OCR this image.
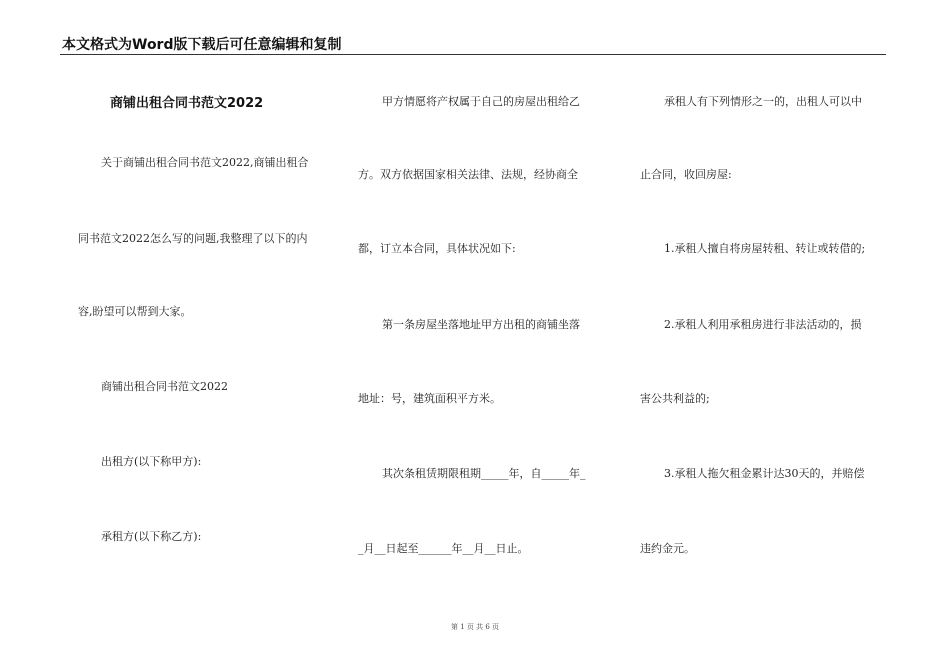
本文格式为Word版下载后可任意编辑和复制
商铺出租合同书范文2022
关于商铺出租合同书范文2022,商铺出租合
同书范文2022怎么写的问题,我整理了以下的内
容,盼望可以帮到大家。
商铺出租合同书范文2022
出租方(以下称甲方):
承租方(以下称乙方):
甲方情愿将产权属于自己的房屋出租给乙
方。双方依据国家相关法律、法规，经协商全
都，订立本合同，具体状况如下:
第一条房屋坐落地址甲方出租的商铺坐落
地址：号，建筑面积平方米。
其次条租赁期限租期_____年，自_____年_
_月__日起至______年__月__日止。
承租人有下列情形之一的，出租人可以中
止合同，收回房屋:
1.承租人擅自将房屋转租、转让或转借的;
2.承租人利用承租房进行非法活动的，损
害公共利益的;
3.承租人拖欠租金累计达30天的，并赔偿
违约金元。
第 1 页 共 6 页
